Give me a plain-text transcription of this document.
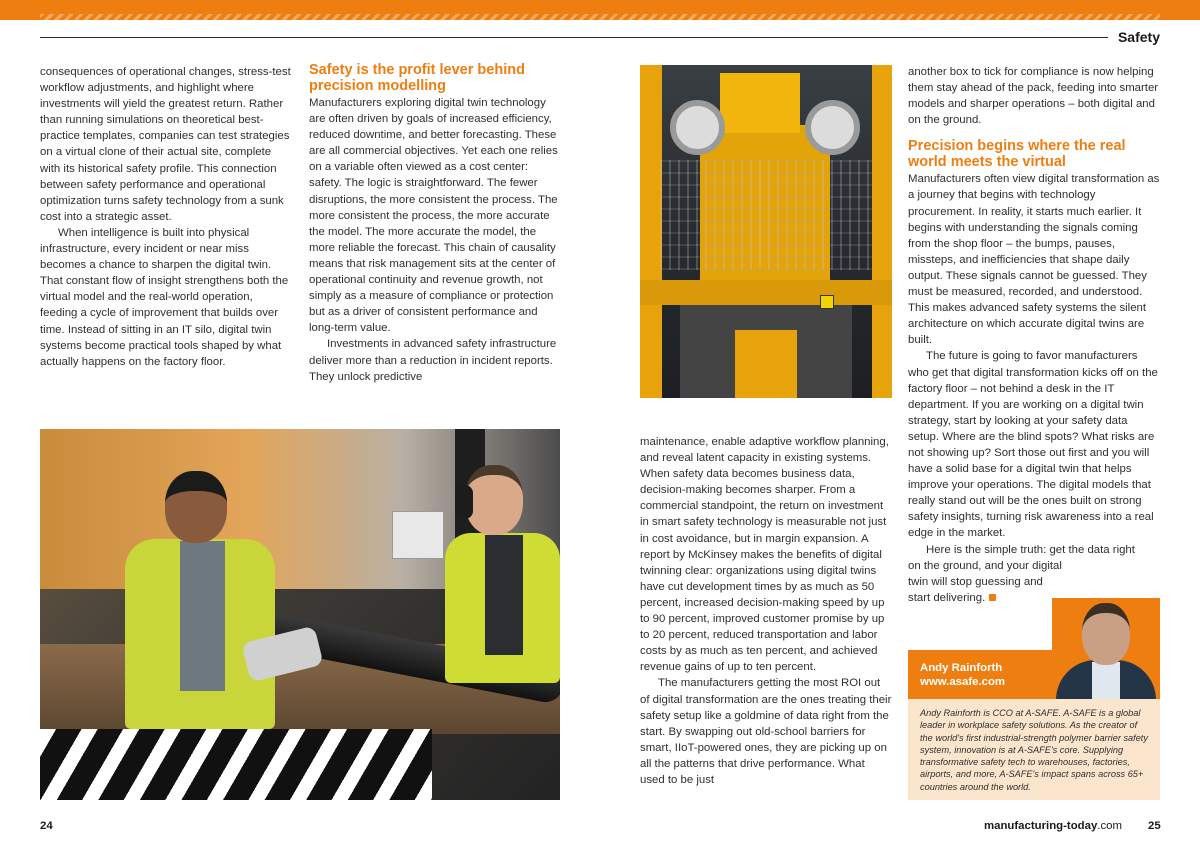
Safety

consequences of operational changes, stress-test workflow adjustments, and highlight where investments will yield the greatest return. Rather than running simulations on theoretical best-practice templates, companies can test strategies on a virtual clone of their actual site, complete with its historical safety profile. This connection between safety performance and operational optimization turns safety technology from a sunk cost into a strategic asset.

When intelligence is built into physical infrastructure, every incident or near miss becomes a chance to sharpen the digital twin. That constant flow of insight strengthens both the virtual model and the real-world operation, feeding a cycle of improvement that builds over time. Instead of sitting in an IT silo, digital twin systems become practical tools shaped by what actually happens on the factory floor.

Safety is the profit lever behind precision modelling

Manufacturers exploring digital twin technology are often driven by goals of increased efficiency, reduced downtime, and better forecasting. These are all commercial objectives. Yet each one relies on a variable often viewed as a cost center: safety. The logic is straightforward. The fewer disruptions, the more consistent the process. The more consistent the process, the more accurate the model. The more accurate the model, the more reliable the forecast. This chain of causality means that risk management sits at the center of operational continuity and revenue growth, not simply as a measure of compliance or protection but as a driver of consistent performance and long-term value.

Investments in advanced safety infrastructure deliver more than a reduction in incident reports. They unlock predictive

maintenance, enable adaptive workflow planning, and reveal latent capacity in existing systems. When safety data becomes business data, decision-making becomes sharper. From a commercial standpoint, the return on investment in smart safety technology is measurable not just in cost avoidance, but in margin expansion. A report by McKinsey makes the benefits of digital twinning clear: organizations using digital twins have cut development times by as much as 50 percent, increased decision-making speed by up to 90 percent, improved customer promise by up to 20 percent, reduced transportation and labor costs by as much as ten percent, and achieved revenue gains of up to ten percent.

The manufacturers getting the most ROI out of digital transformation are the ones treating their safety setup like a goldmine of data right from the start. By swapping out old-school barriers for smart, IIoT-powered ones, they are picking up on all the patterns that drive performance. What used to be just

another box to tick for compliance is now helping them stay ahead of the pack, feeding into smarter models and sharper operations – both digital and on the ground.

Precision begins where the real world meets the virtual

Manufacturers often view digital transformation as a journey that begins with technology procurement. In reality, it starts much earlier. It begins with understanding the signals coming from the shop floor – the bumps, pauses, missteps, and inefficiencies that shape daily output. These signals cannot be guessed. They must be measured, recorded, and understood. This makes advanced safety systems the silent architecture on which accurate digital twins are built.

The future is going to favor manufacturers who get that digital transformation kicks off on the factory floor – not behind a desk in the IT department. If you are working on a digital twin strategy, start by looking at your safety data setup. Where are the blind spots? What risks are not showing up? Sort those out first and you will have a solid base for a digital twin that helps improve your operations. The digital models that really stand out will be the ones built on strong safety insights, turning risk awareness into a real edge in the market.

Here is the simple truth: get the data right

on the ground, and your digital

twin will stop guessing and

start delivering.

Andy Rainforth
www.asafe.com
Andy Rainforth is CCO at A-SAFE. A-SAFE is a global leader in workplace safety solutions. As the creator of the world's first industrial-strength polymer barrier safety system, innovation is at A-SAFE's core. Supplying transformative safety tech to warehouses, factories, airports, and more, A-SAFE's impact spans across 65+ countries around the world.
24	manufacturing-today.com 25
